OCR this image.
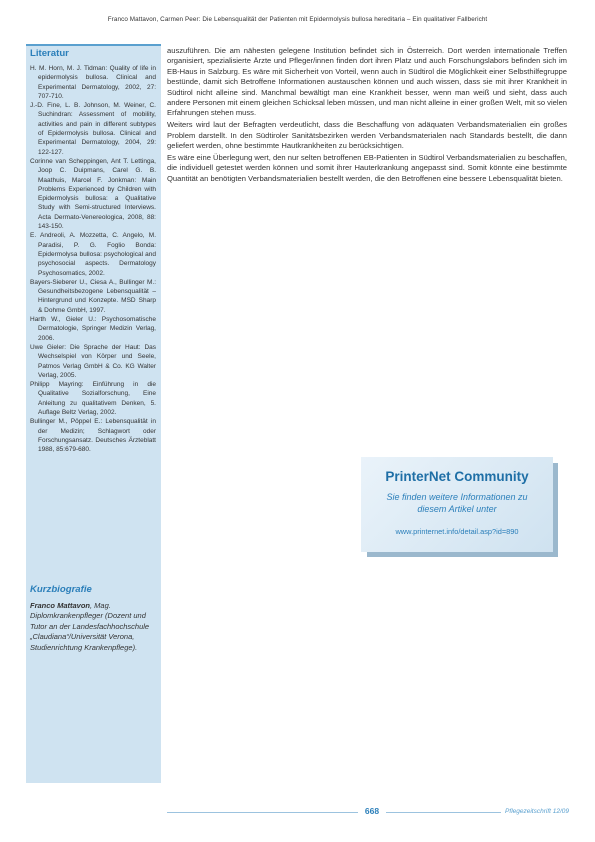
Franco Mattavon, Carmen Peer: Die Lebensqualität der Patienten mit Epidermolysis bullosa hereditaria – Ein qualitativer Fallbericht
Literatur

H. M. Horn, M. J. Tidman: Quality of life in epidermolysis bullosa. Clinical and Experimental Dermatology, 2002, 27: 707-710.

J.-D. Fine, L. B. Johnson, M. Weiner, C. Suchindran: Assessment of mobility, activities and pain in different subtypes of Epidermolysis bullosa. Clinical and Experimental Dermatology, 2004, 29: 122-127.

Corinne van Scheppingen, Ant T. Lettinga, Joop C. Duipmans, Carel G. B. Maathuis, Marcel F. Jonkman: Main Problems Experienced by Children with Epidermolysis bullosa: a Qualitative Study with Semi-structured Interviews. Acta Dermato-Venereologica, 2008, 88: 143-150.

E. Andreoli, A. Mozzetta, C. Angelo, M. Paradisi, P. G. Foglio Bonda: Epidermolysa bullosa: psychological and psychosocial aspects. Dermatology Psychosomatics, 2002.

Bayers-Sieberer U., Ciesa A., Bullinger M.: Gesundheitsbezogene Lebensqualität – Hintergrund und Konzepte. MSD Sharp & Dohme GmbH, 1997.

Harth W., Gieler U.: Psychosomatische Dermatologie, Springer Medizin Verlag, 2006.

Uwe Gieler: Die Sprache der Haut: Das Wechselspiel von Körper und Seele, Patmos Verlag GmbH & Co. KG Walter Verlag, 2005.

Philipp Mayring: Einführung in die Qualitative Sozialforschung, Eine Anleitung zu qualitativem Denken, 5. Auflage Beltz Verlag, 2002.

Bullinger M., Pöppel E.: Lebensqualität in der Medizin; Schlagwort oder Forschungsansatz. Deutsches Ärzteblatt 1988, 85:679-680.

Kurzbiografie
Franco Mattavon, Mag. Diplomkrankenpfleger (Dozent und Tutor an der Landesfachhochschule „Claudiana“/Universität Verona, Studienrichtung Krankenpflege).

auszuführen. Die am nähesten gelegene Institution befindet sich in Österreich. Dort werden internationale Treffen organisiert, spezialisierte Ärzte und Pfleger/innen finden dort ihren Platz und auch Forschungslabors befinden sich im EB-Haus in Salzburg. Es wäre mit Sicherheit von Vorteil, wenn auch in Südtirol die Möglichkeit einer Selbsthilfegruppe bestünde, damit sich Betroffene Informationen austauschen können und auch wissen, dass sie mit ihrer Krankheit in Südtirol nicht alleine sind. Manchmal bewältigt man eine Krankheit besser, wenn man weiß und sieht, dass auch andere Personen mit einem gleichen Schicksal leben müssen, und man nicht alleine in einer großen Welt, mit so vielen Erfahrungen stehen muss.

Weiters wird laut der Befragten verdeutlicht, dass die Beschaffung von adäquaten Verbandsmaterialien ein großes Problem darstellt. In den Südtiroler Sanitätsbezirken werden Verbandsmaterialen nach Standards bestellt, die dann geliefert werden, ohne bestimmte Hautkrankheiten zu berücksichtigen.

Es wäre eine Überlegung wert, den nur selten betroffenen EB-Patienten in Südtirol Verbandsmaterialien zu beschaffen, die individuell getestet werden können und somit ihrer Hauterkrankung angepasst sind. Somit könnte eine bestimmte Quantität an benötigten Verbandsmaterialien bestellt werden, die den Betroffenen eine bessere Lebensqualität bieten.

PrinterNet Community
Sie finden weitere Informationen zu diesem Artikel unter
www.printernet.info/detail.asp?id=890
668	Pflegezeitschrift 12/09
